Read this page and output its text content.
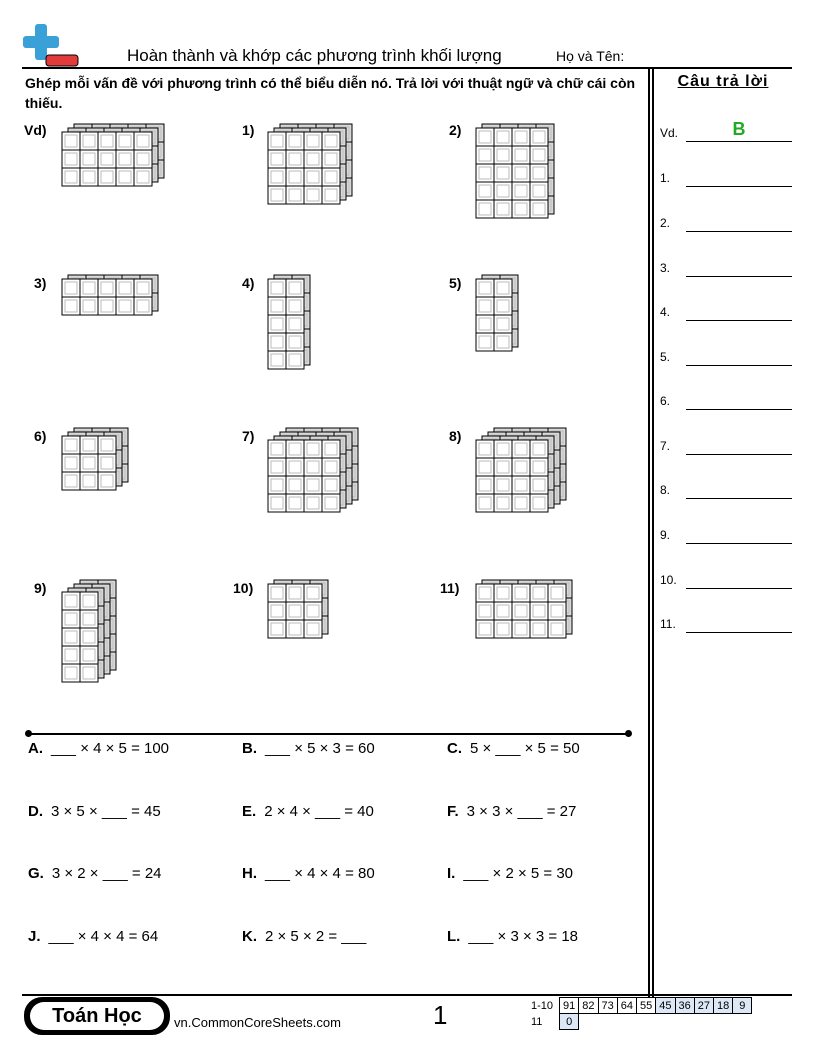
Hoàn thành và khớp các phương trình khối lượng	Họ và Tên:
Ghép mỗi vấn đề với phương trình có thể biểu diễn nó. Trả lời với thuật ngữ và chữ cái còn thiếu.
Câu trả lời
Vd.	B
1.
2.
3.
4.
5.
6.
7.
8.
9.
10.
11.
Vd)	1)	2)
3)	4)	5)
6)	7)	8)
9)	10)	11)
A. ___ × 4 × 5 = 100	B. ___ × 5 × 3 = 60	C. 5 × ___ × 5 = 50
D. 3 × 5 × ___ = 45	E. 2 × 4 × ___ = 40	F. 3 × 3 × ___ = 27
G. 3 × 2 × ___ = 24	H. ___ × 4 × 4 = 80	I. ___ × 2 × 5 = 30
J. ___ × 4 × 4 = 64	K. 2 × 5 × 2 = ___	L. ___ × 3 × 3 = 18
Toán Học	vn.CommonCoreSheets.com	1	1-10	91	82	73	64	55	45	36	27	18	9
11	0									
